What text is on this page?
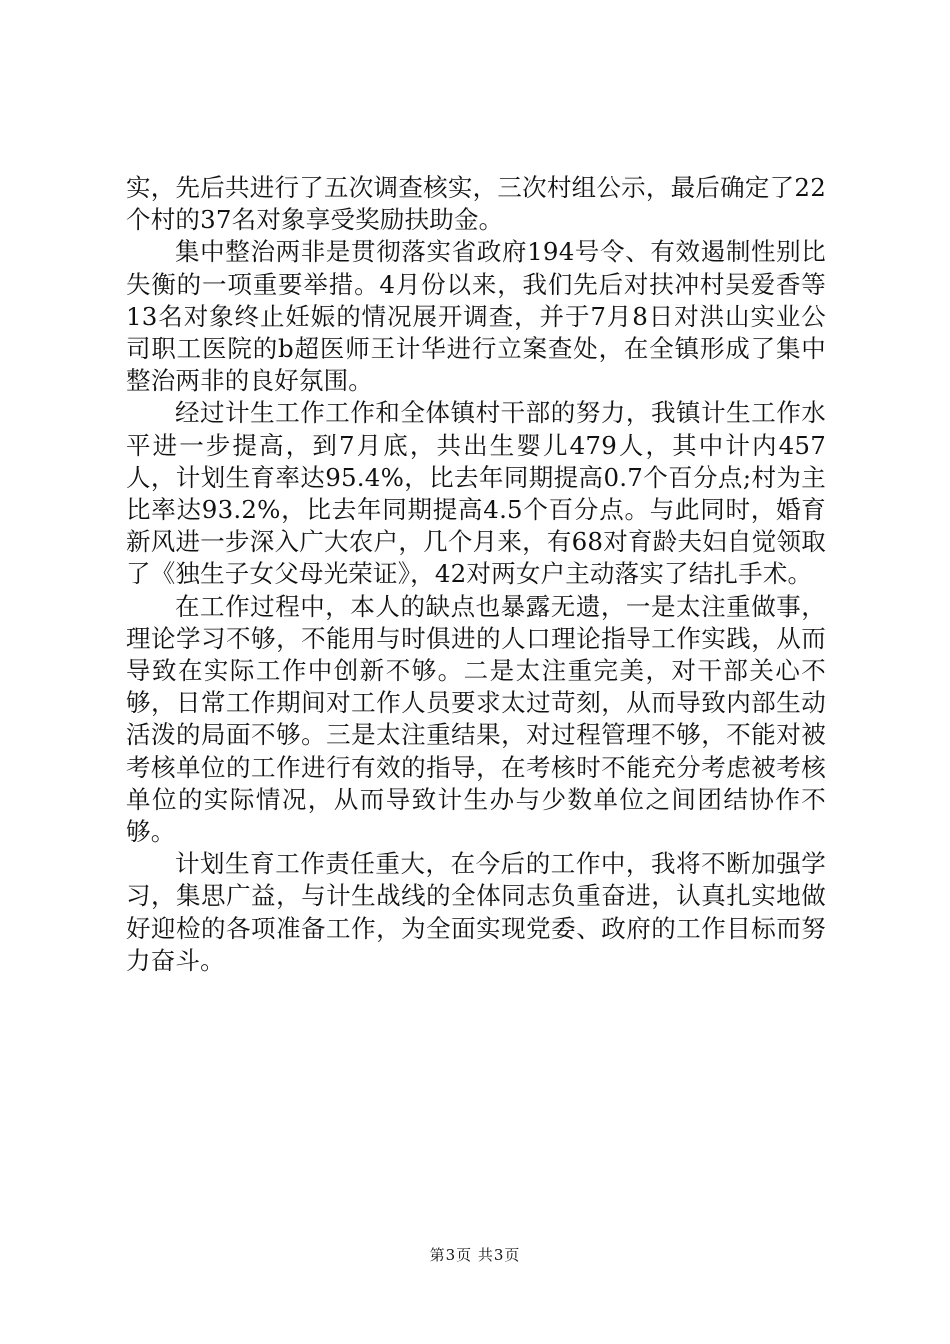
实，先后共进行了五次调查核实，三次村组公示，最后确定了22个村的37名对象享受奖励扶助金。

集中整治两非是贯彻落实省政府194号令、有效遏制性别比失衡的一项重要举措。4月份以来，我们先后对扶冲村吴爱香等13名对象终止妊娠的情况展开调查，并于7月8日对洪山实业公司职工医院的b超医师王计华进行立案查处，在全镇形成了集中整治两非的良好氛围。

经过计生工作工作和全体镇村干部的努力，我镇计生工作水平进一步提高，到7月底，共出生婴儿479人，其中计内457人，计划生育率达95.4%，比去年同期提高0.7个百分点;村为主比率达93.2%，比去年同期提高4.5个百分点。与此同时，婚育新风进一步深入广大农户，几个月来，有68对育龄夫妇自觉领取了《独生子女父母光荣证》，42对两女户主动落实了结扎手术。

在工作过程中，本人的缺点也暴露无遗，一是太注重做事，理论学习不够，不能用与时俱进的人口理论指导工作实践，从而导致在实际工作中创新不够。二是太注重完美，对干部关心不够，日常工作期间对工作人员要求太过苛刻，从而导致内部生动活泼的局面不够。三是太注重结果，对过程管理不够，不能对被考核单位的工作进行有效的指导，在考核时不能充分考虑被考核单位的实际情况，从而导致计生办与少数单位之间团结协作不够。

计划生育工作责任重大，在今后的工作中，我将不断加强学习，集思广益，与计生战线的全体同志负重奋进，认真扎实地做好迎检的各项准备工作，为全面实现党委、政府的工作目标而努力奋斗。

第3页 共3页
